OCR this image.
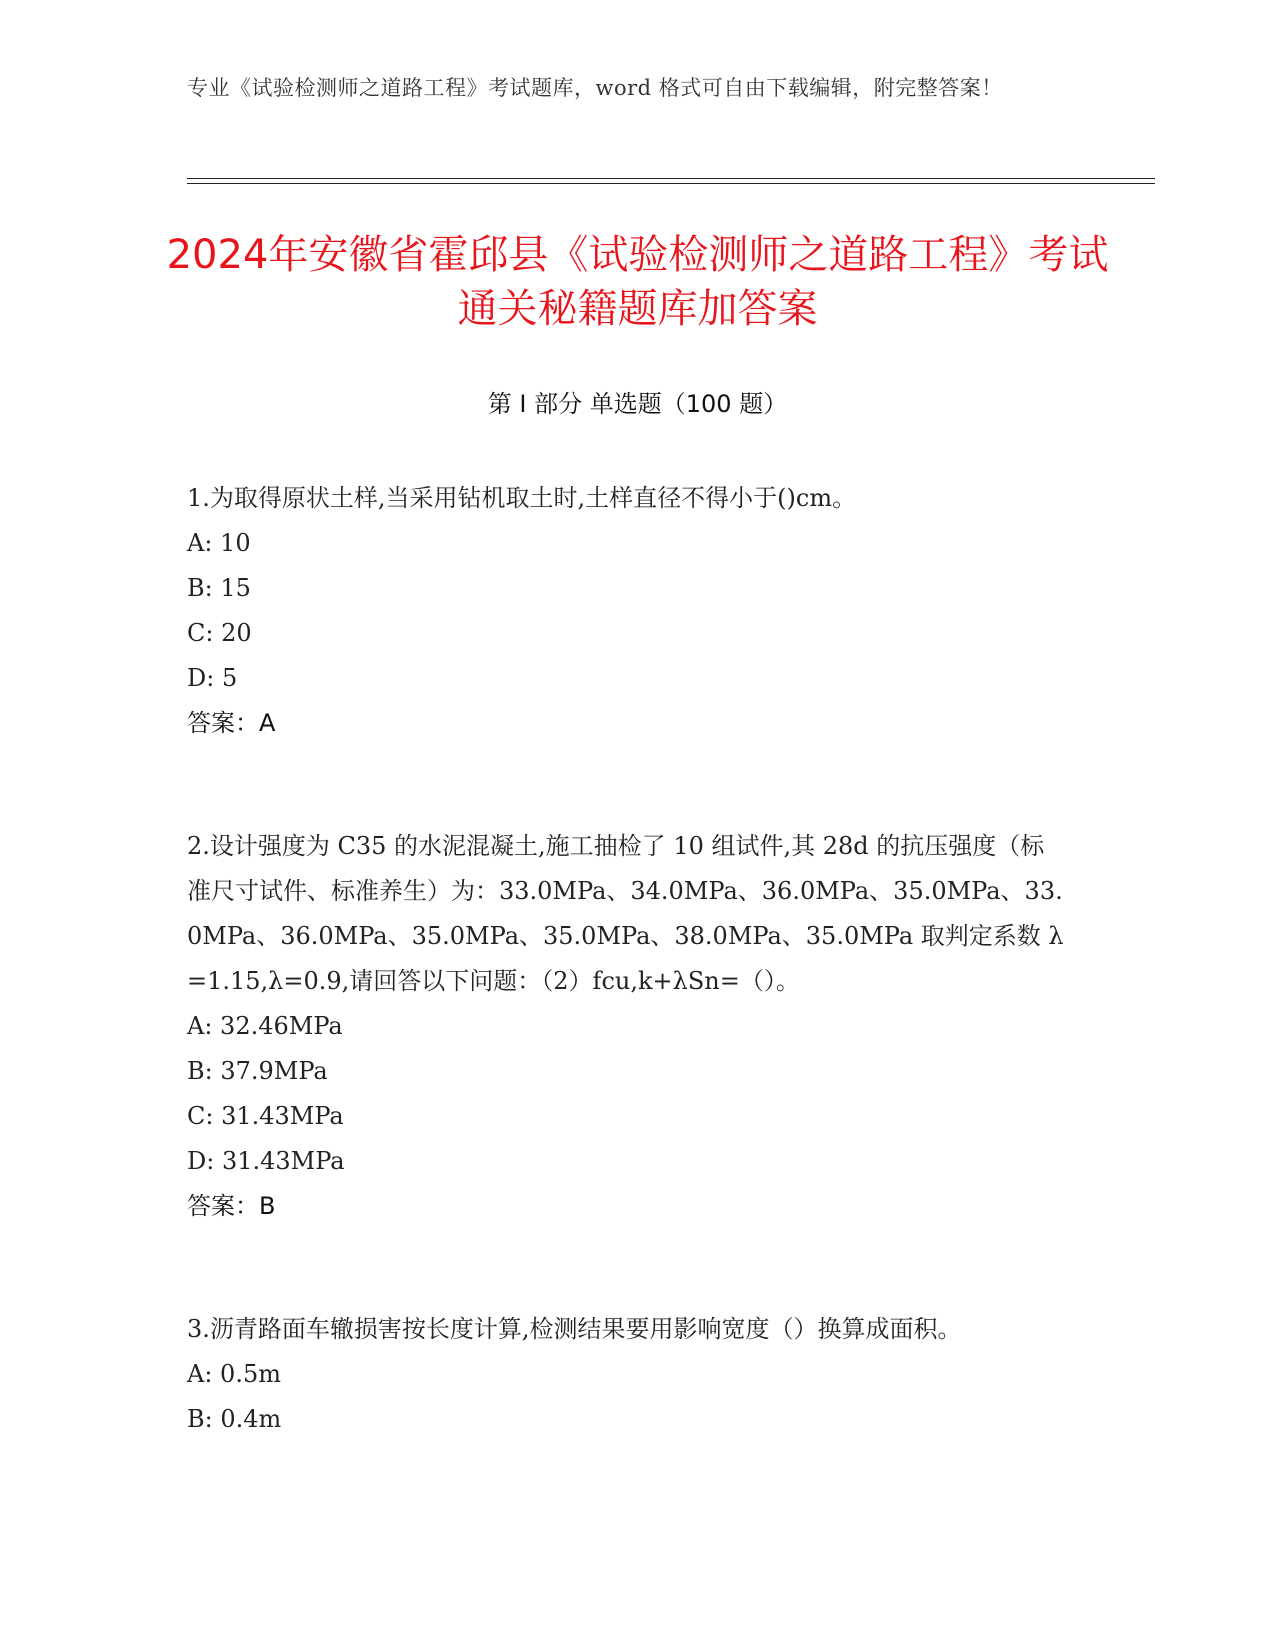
专业《试验检测师之道路工程》考试题库，word 格式可自由下载编辑，附完整答案！
2024年安徽省霍邱县《试验检测师之道路工程》考试通关秘籍题库加答案
第 I 部分 单选题（100 题）

1.为取得原状土样,当采用钻机取土时,土样直径不得小于()cm。

A: 10

B: 15

C: 20

D: 5

答案：A

2.设计强度为 C35 的水泥混凝土,施工抽检了 10 组试件,其 28d 的抗压强度（标准尺寸试件、标准养生）为：33.0MPa、34.0MPa、36.0MPa、35.0MPa、33.0MPa、36.0MPa、35.0MPa、35.0MPa、38.0MPa、35.0MPa 取判定系数 λ=1.15,λ=0.9,请回答以下问题：（2）fcu,k+λSn=（）。

A: 32.46MPa

B: 37.9MPa

C: 31.43MPa

D: 31.43MPa

答案：B

3.沥青路面车辙损害按长度计算,检测结果要用影响宽度（）换算成面积。

A: 0.5m

B: 0.4m
